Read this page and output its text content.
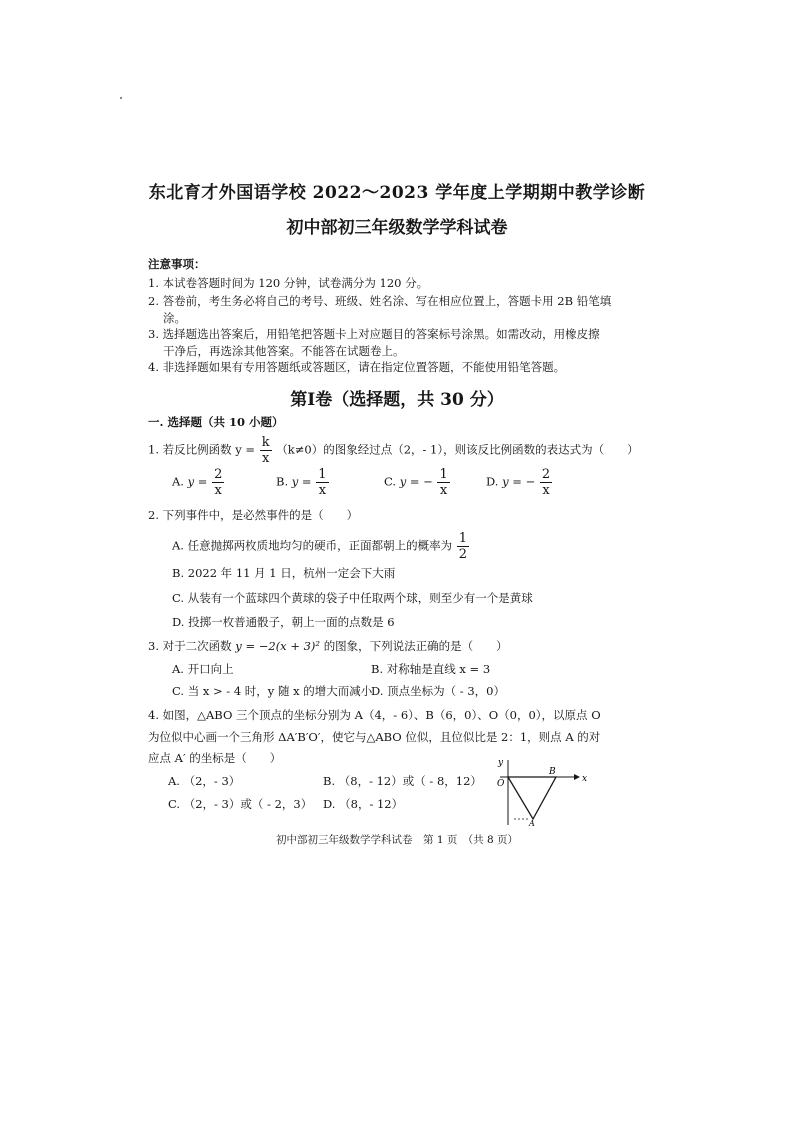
东北育才外国语学校 2022～2023 学年度上学期期中教学诊断
初中部初三年级数学学科试卷
注意事项：
1. 本试卷答题时间为 120 分钟，试卷满分为 120 分。
2. 答卷前，考生务必将自己的考号、班级、姓名涂、写在相应位置上，答题卡用 2B 铅笔填
涂。
3. 选择题选出答案后，用铅笔把答题卡上对应题目的答案标号涂黑。如需改动，用橡皮擦
干净后，再选涂其他答案。不能答在试题卷上。
4. 非选择题如果有专用答题纸或答题区，请在指定位置答题，不能使用铅笔答题。
第Ⅰ卷（选择题，共 30 分）
一. 选择题（共 10 小题）
1. 若反比例函数 $y = \frac{k}{x} (k\ne 0)$的图象经过点（2，- 1），则该反比例函数的表达式为（　　）
A. $y = \frac{2}{x}$	B. $y = \frac{1}{x}$	C. y = − $\frac{1}{x}$	D. y = − $\frac{2}{x}$
2. 下列事件中，是必然事件的是（　　）
A. 任意抛掷两枚质地均匀的硬币，正面都朝上的概率为 $\frac{1}{2}$
B. 2022 年 11 月 1 日，杭州一定会下大雨
C. 从装有一个蓝球四个黄球的袋子中任取两个球，则至少有一个是黄球
D. 投掷一枚普通骰子，朝上一面的点数是 6
3. 对于二次函数 y = −2(x + 3)² 的图象，下列说法正确的是（　　）
A. 开口向上	B. 对称轴是直线 x = 3
C. 当 x > - 4 时，y 随 x 的增大而减小
D. 顶点坐标为（ - 3，0）
4. 如图，△ABO 三个顶点的坐标分别为 A（4，- 6）、B（6，0）、O（0，0），以原点 O
为位似中心画一个三角形 ΔA′B′O′，使它与△ABO 位似，且位似比是 2：1，则点 A 的对
应点 A′ 的坐标是（　　）
A. （2，- 3）	B. （8，- 12）或（ - 8，12）
C. （2，- 3）或（ - 2，3） D. （8，- 12）
y
x
O
B
A
初中部初三年级数学学科试卷　第 1 页　（共 8 页）
